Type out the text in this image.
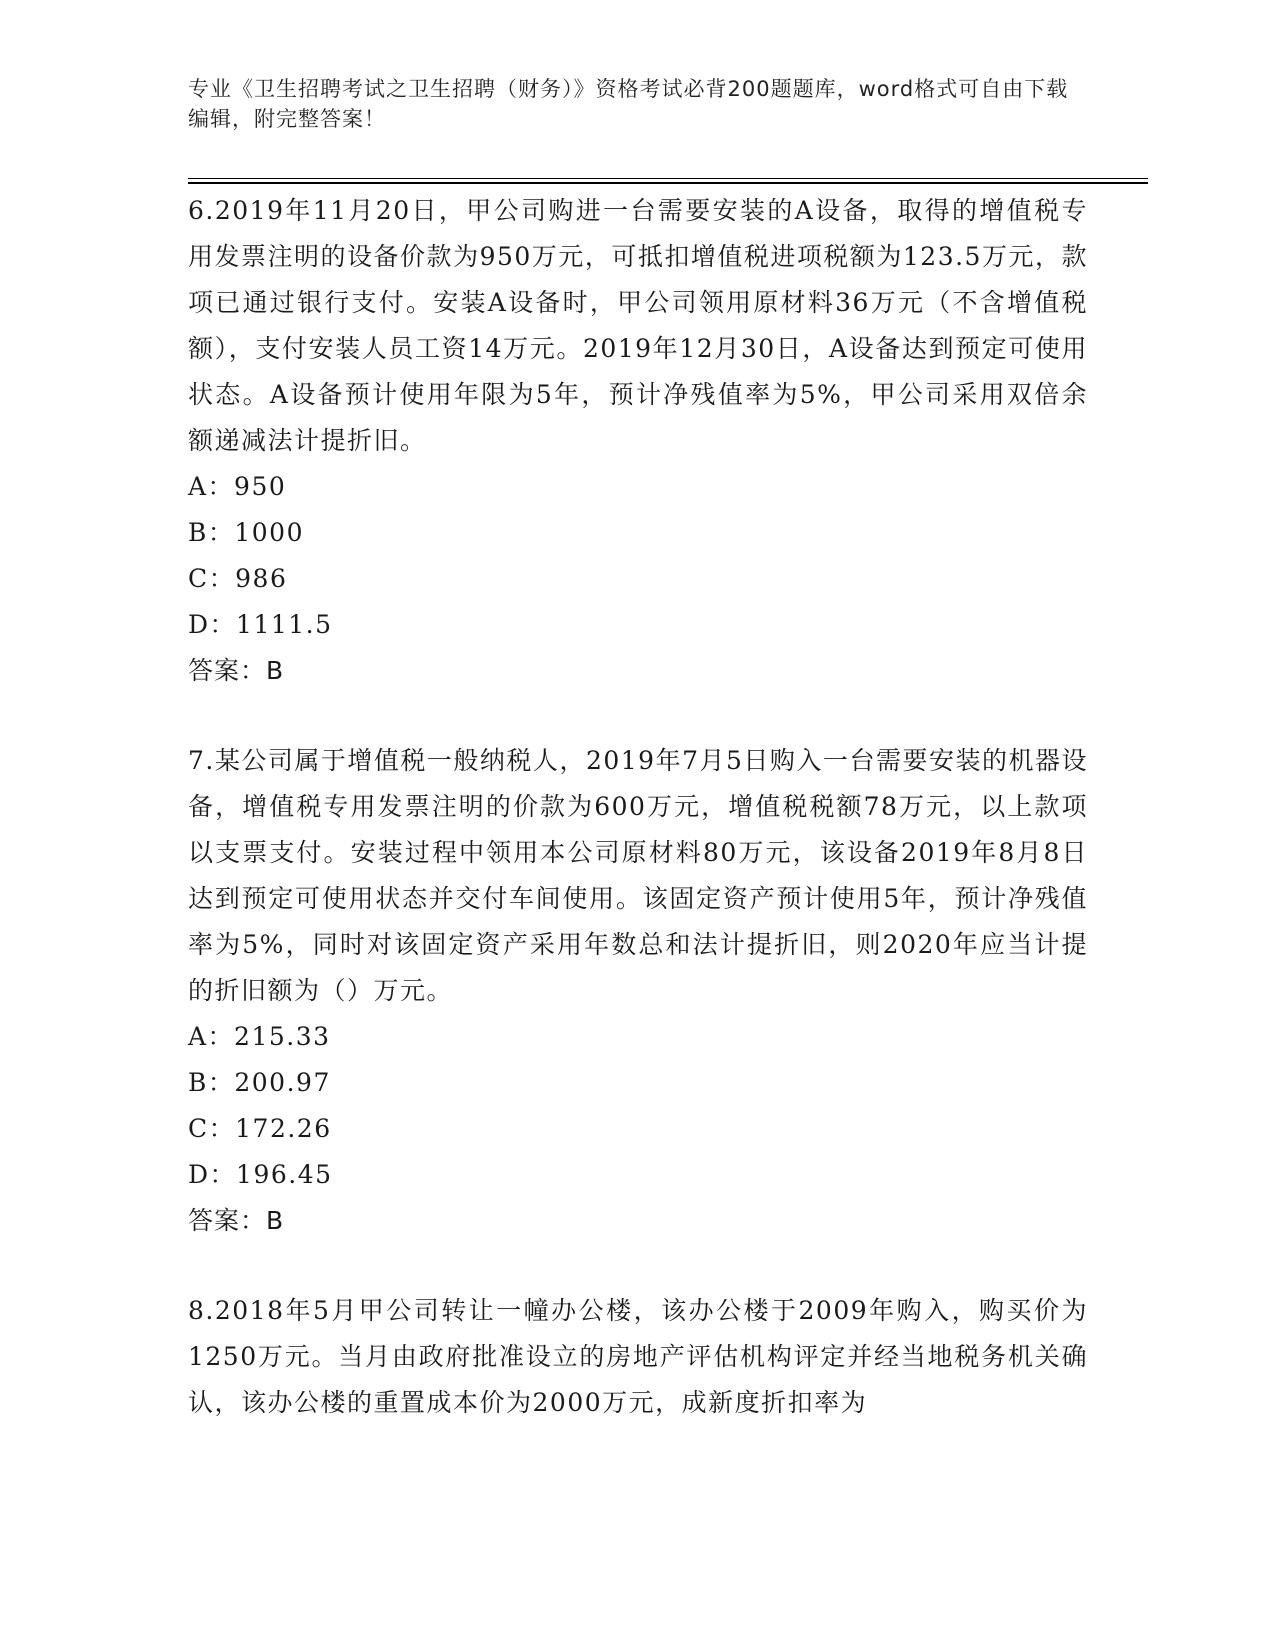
专业《卫生招聘考试之卫生招聘（财务）》资格考试必背200题题库，word格式可自由下载编辑，附完整答案！

6.2019年11月20日，甲公司购进一台需要安装的A设备，取得的增值税专用发票注明的设备价款为950万元，可抵扣增值税进项税额为123.5万元，款项已通过银行支付。安装A设备时，甲公司领用原材料36万元（不含增值税额），支付安装人员工资14万元。2019年12月30日，A设备达到预定可使用状态。A设备预计使用年限为5年，预计净残值率为5%，甲公司采用双倍余额递减法计提折旧。

A：950

B：1000

C：986

D：1111.5

答案：B

7.某公司属于增值税一般纳税人，2019年7月5日购入一台需要安装的机器设备，增值税专用发票注明的价款为600万元，增值税税额78万元，以上款项以支票支付。安装过程中领用本公司原材料80万元，该设备2019年8月8日达到预定可使用状态并交付车间使用。该固定资产预计使用5年，预计净残值率为5%，同时对该固定资产采用年数总和法计提折旧，则2020年应当计提的折旧额为（）万元。

A：215.33

B：200.97

C：172.26

D：196.45

答案：B

8.2018年5月甲公司转让一幢办公楼，该办公楼于2009年购入，购买价为1250万元。当月由政府批准设立的房地产评估机构评定并经当地税务机关确认，该办公楼的重置成本价为2000万元，成新度折扣率为
